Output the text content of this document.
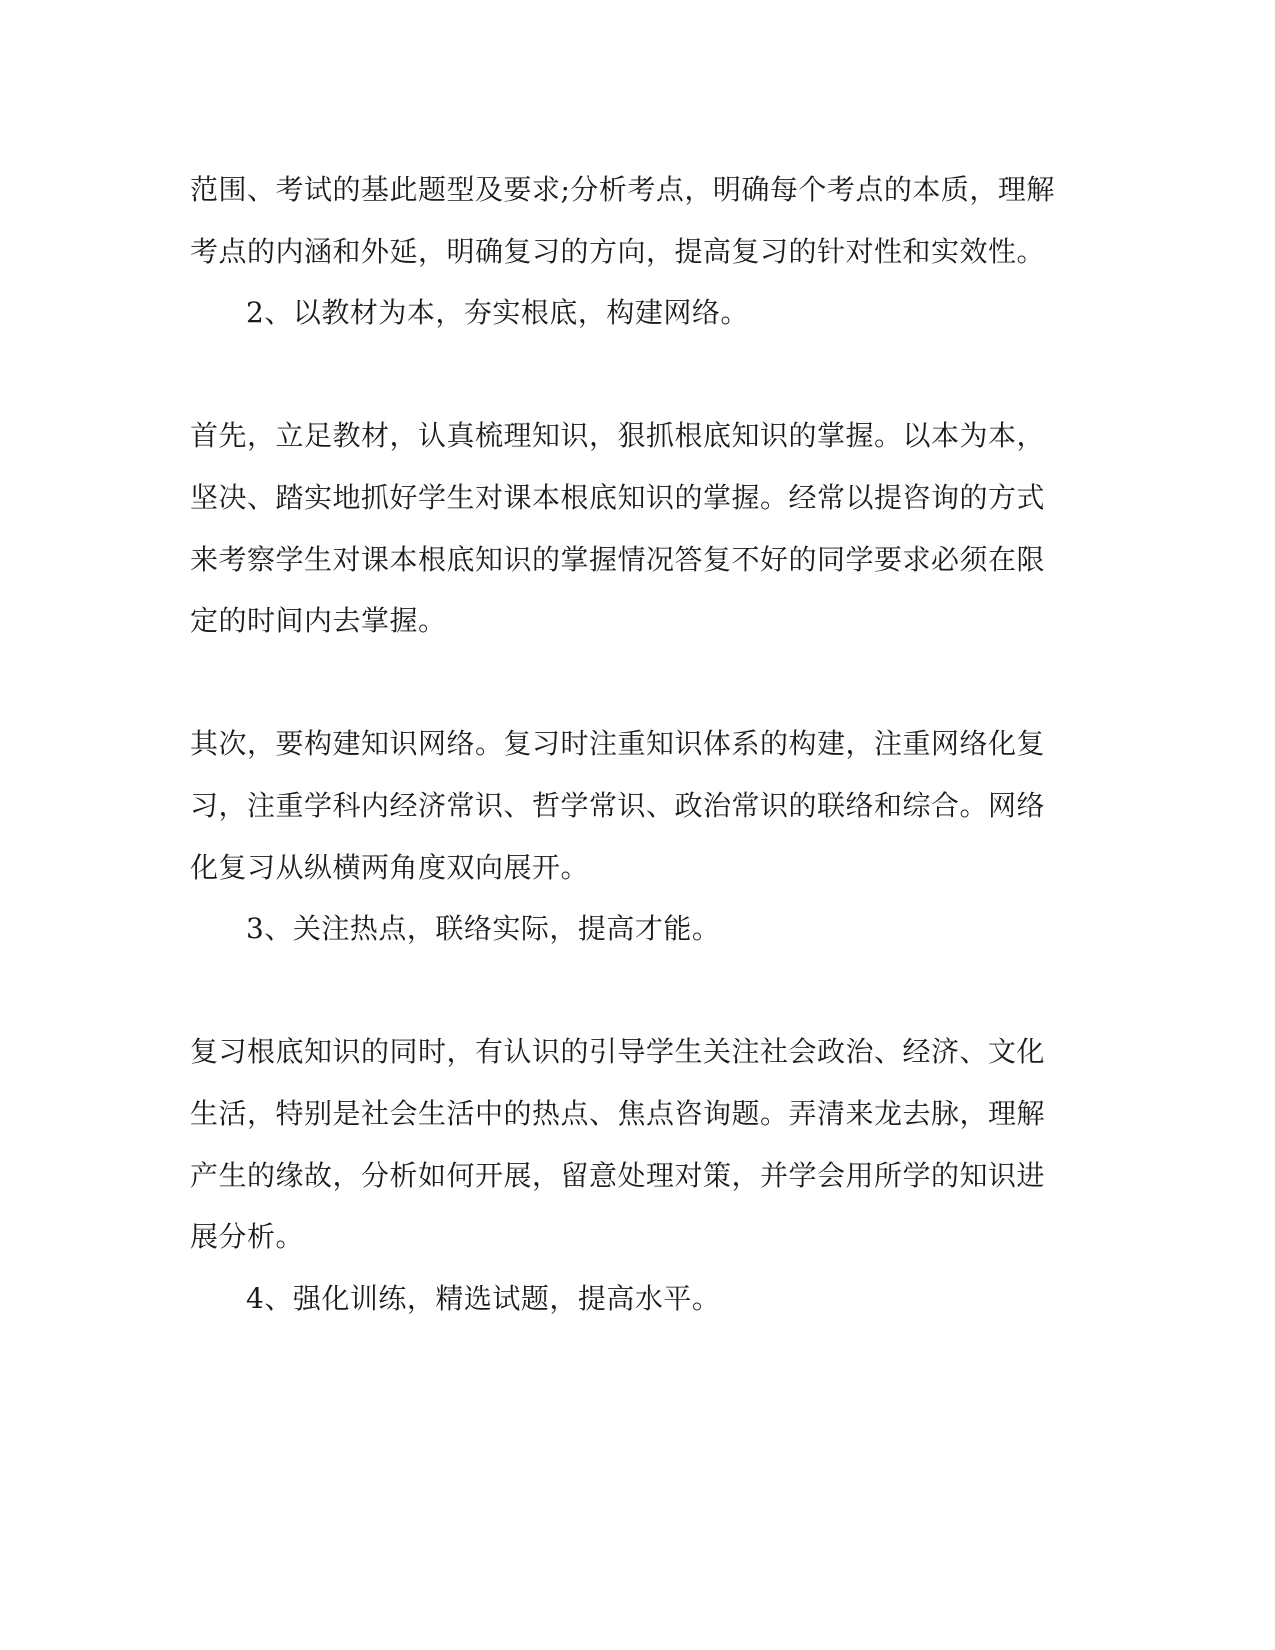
范围、考试的基此题型及要求;分析考点，明确每个考点的本质，理解
考点的内涵和外延，明确复习的方向，提高复习的针对性和实效性。
2、以教材为本，夯实根底，构建网络。
首先，立足教材，认真梳理知识，狠抓根底知识的掌握。以本为本，
坚决、踏实地抓好学生对课本根底知识的掌握。经常以提咨询的方式
来考察学生对课本根底知识的掌握情况答复不好的同学要求必须在限
定的时间内去掌握。
其次，要构建知识网络。复习时注重知识体系的构建，注重网络化复
习，注重学科内经济常识、哲学常识、政治常识的联络和综合。网络
化复习从纵横两角度双向展开。
3、关注热点，联络实际，提高才能。
复习根底知识的同时，有认识的引导学生关注社会政治、经济、文化
生活，特别是社会生活中的热点、焦点咨询题。弄清来龙去脉，理解
产生的缘故，分析如何开展，留意处理对策，并学会用所学的知识进
展分析。
4、强化训练，精选试题，提高水平。
